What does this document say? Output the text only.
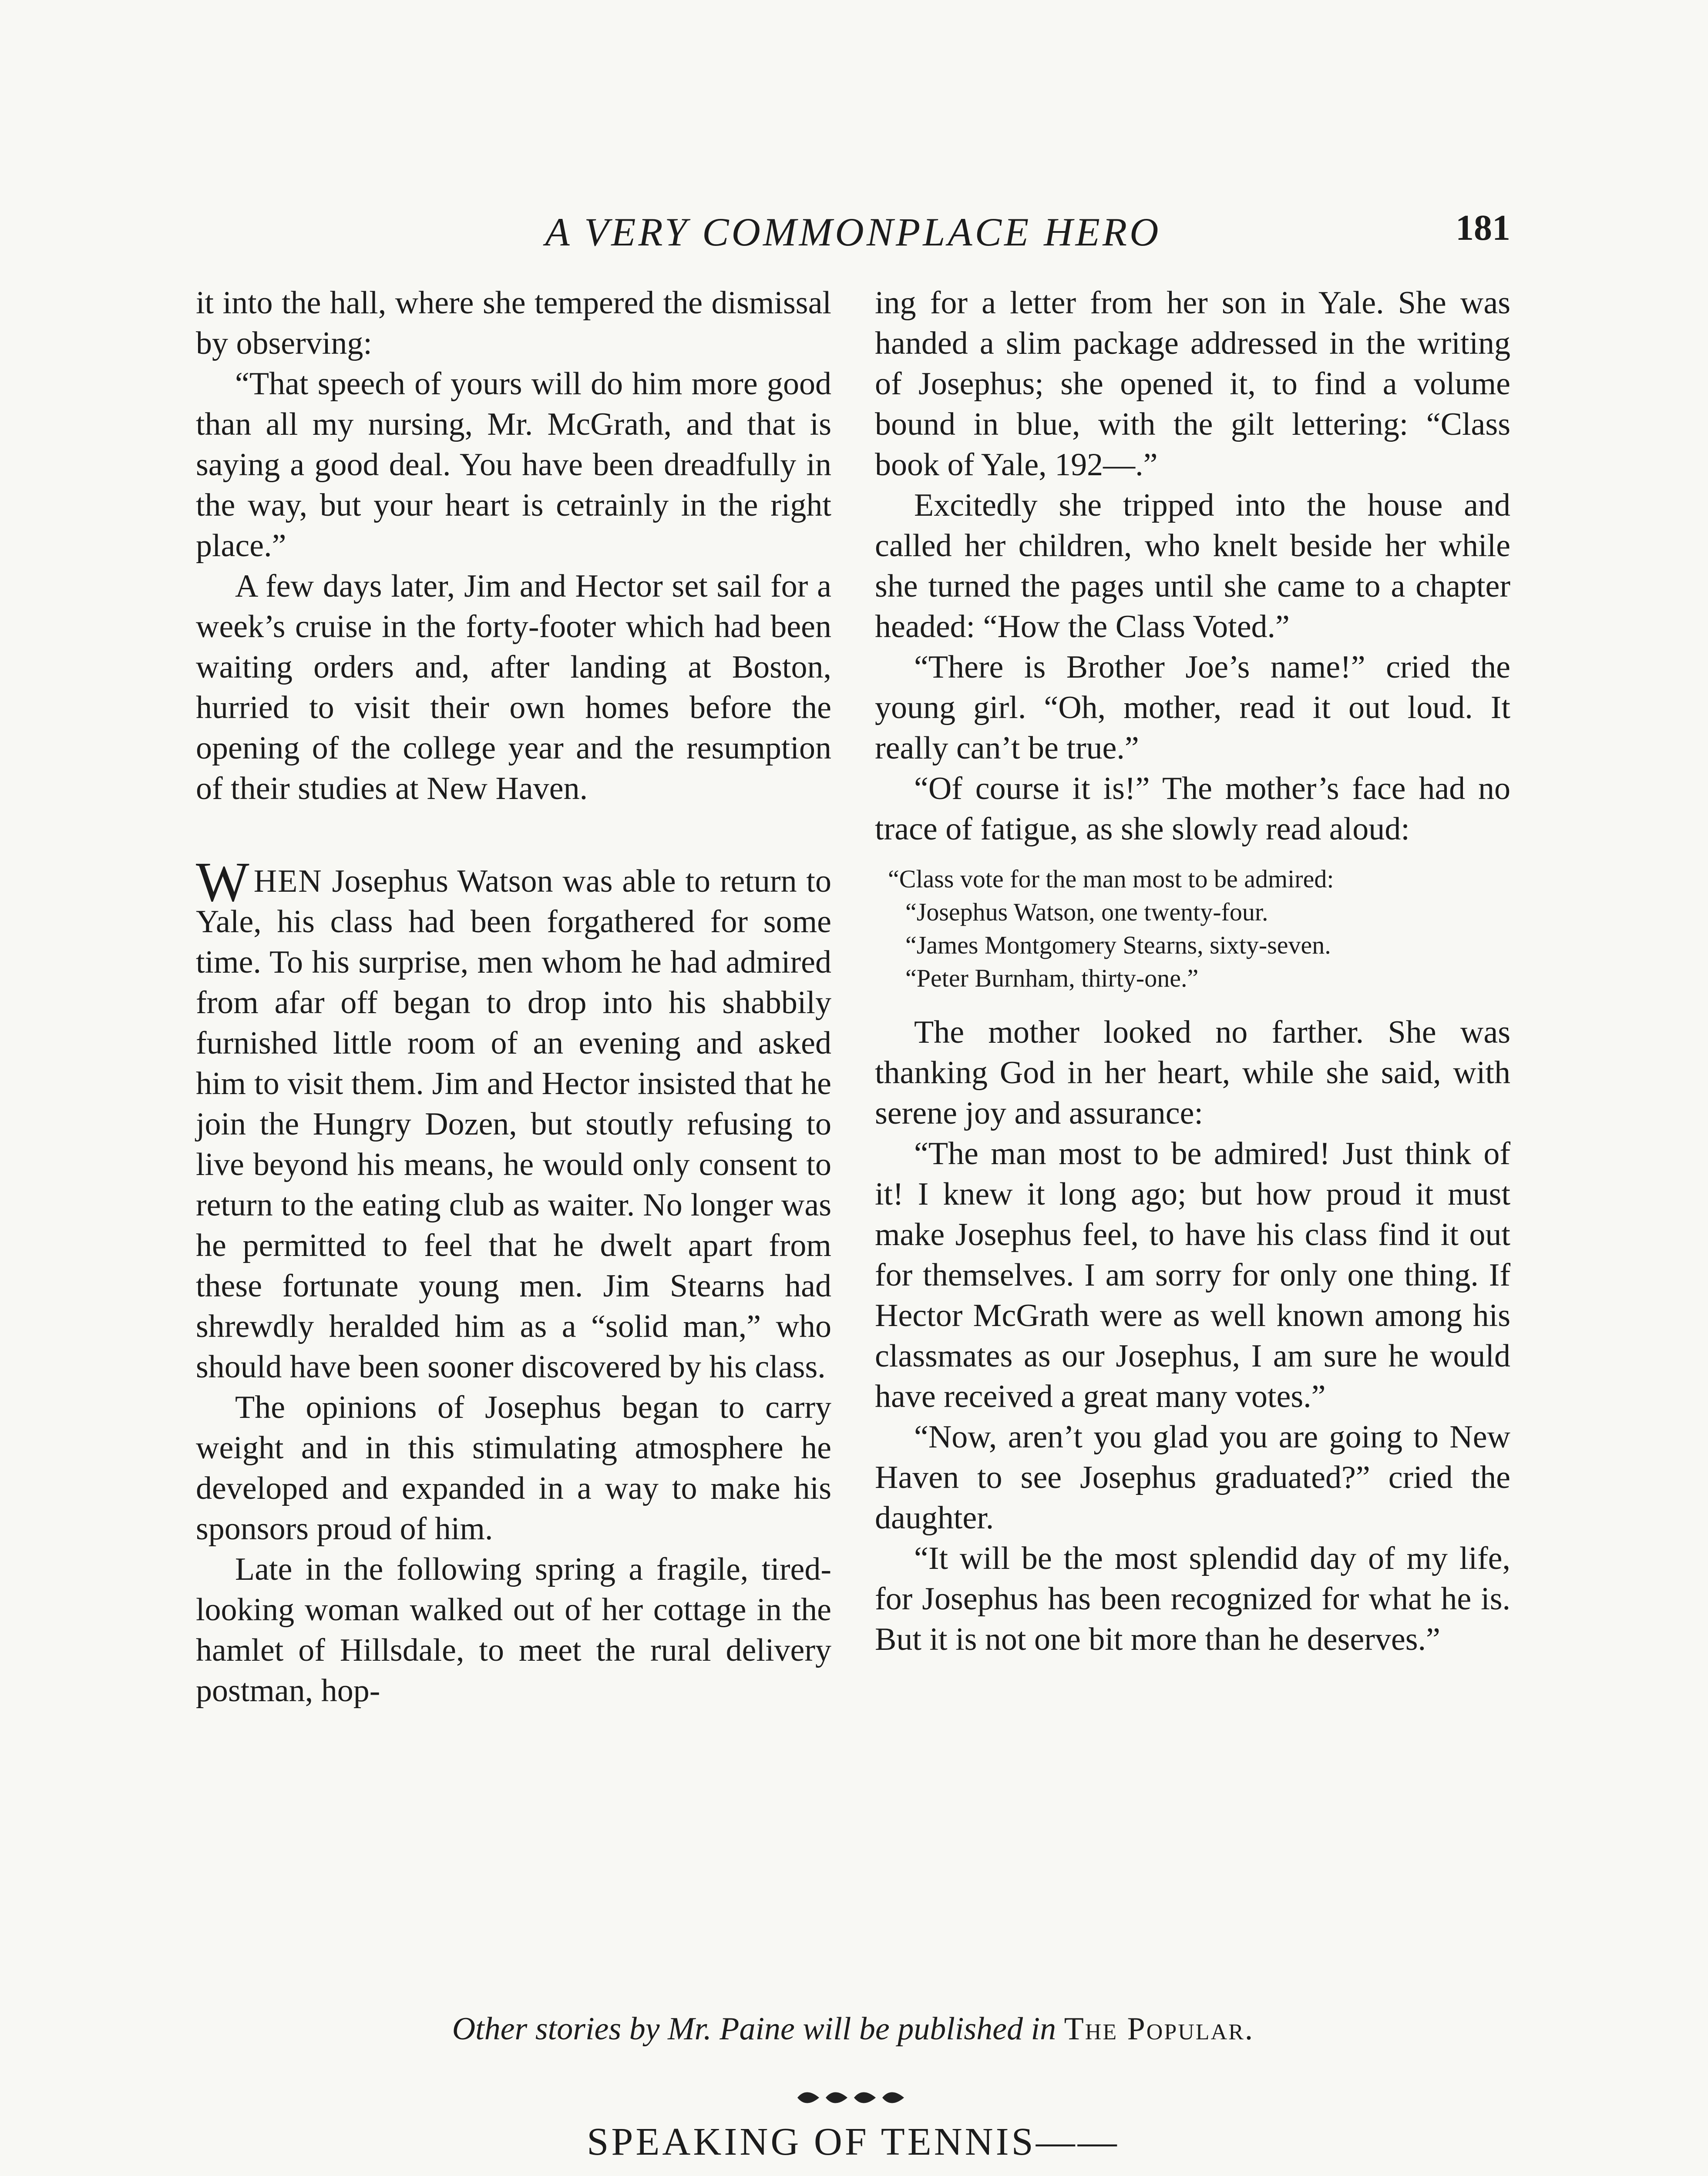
A VERY COMMONPLACE HERO	181

it into the hall, where she tempered the dismissal by observing:

“That speech of yours will do him more good than all my nursing, Mr. McGrath, and that is saying a good deal. You have been dreadfully in the way, but your heart is cetrainly in the right place.”

A few days later, Jim and Hector set sail for a week’s cruise in the forty-footer which had been waiting orders and, after landing at Boston, hurried to visit their own homes before the opening of the college year and the resumption of their studies at New Haven.

WHEN Josephus Watson was able to return to Yale, his class had been forgathered for some time. To his surprise, men whom he had admired from afar off began to drop into his shabbily furnished little room of an evening and asked him to visit them. Jim and Hector insisted that he join the Hungry Dozen, but stoutly refusing to live beyond his means, he would only consent to return to the eating club as waiter. No longer was he permitted to feel that he dwelt apart from these fortunate young men. Jim Stearns had shrewdly heralded him as a “solid man,” who should have been sooner discovered by his class.

The opinions of Josephus began to carry weight and in this stimulating atmosphere he developed and expanded in a way to make his sponsors proud of him.

Late in the following spring a fragile, tired-looking woman walked out of her cottage in the hamlet of Hillsdale, to meet the rural delivery postman, hop-

ing for a letter from her son in Yale. She was handed a slim package addressed in the writing of Josephus; she opened it, to find a volume bound in blue, with the gilt lettering: “Class book of Yale, 192—.”

Excitedly she tripped into the house and called her children, who knelt beside her while she turned the pages until she came to a chapter headed: “How the Class Voted.”

“There is Brother Joe’s name!” cried the young girl. “Oh, mother, read it out loud. It really can’t be true.”

“Of course it is!” The mother’s face had no trace of fatigue, as she slowly read aloud:

“Class vote for the man most to be admired:

“Josephus Watson, one twenty-four.

“James Montgomery Stearns, sixty-seven.

“Peter Burnham, thirty-one.”

The mother looked no farther. She was thanking God in her heart, while she said, with serene joy and assurance:

“The man most to be admired! Just think of it! I knew it long ago; but how proud it must make Josephus feel, to have his class find it out for themselves. I am sorry for only one thing. If Hector McGrath were as well known among his classmates as our Josephus, I am sure he would have received a great many votes.”

“Now, aren’t you glad you are going to New Haven to see Josephus graduated?” cried the daughter.

“It will be the most splendid day of my life, for Josephus has been recognized for what he is. But it is not one bit more than he deserves.”

Other stories by Mr. Paine will be published in The Popular.
SPEAKING OF TENNIS——
